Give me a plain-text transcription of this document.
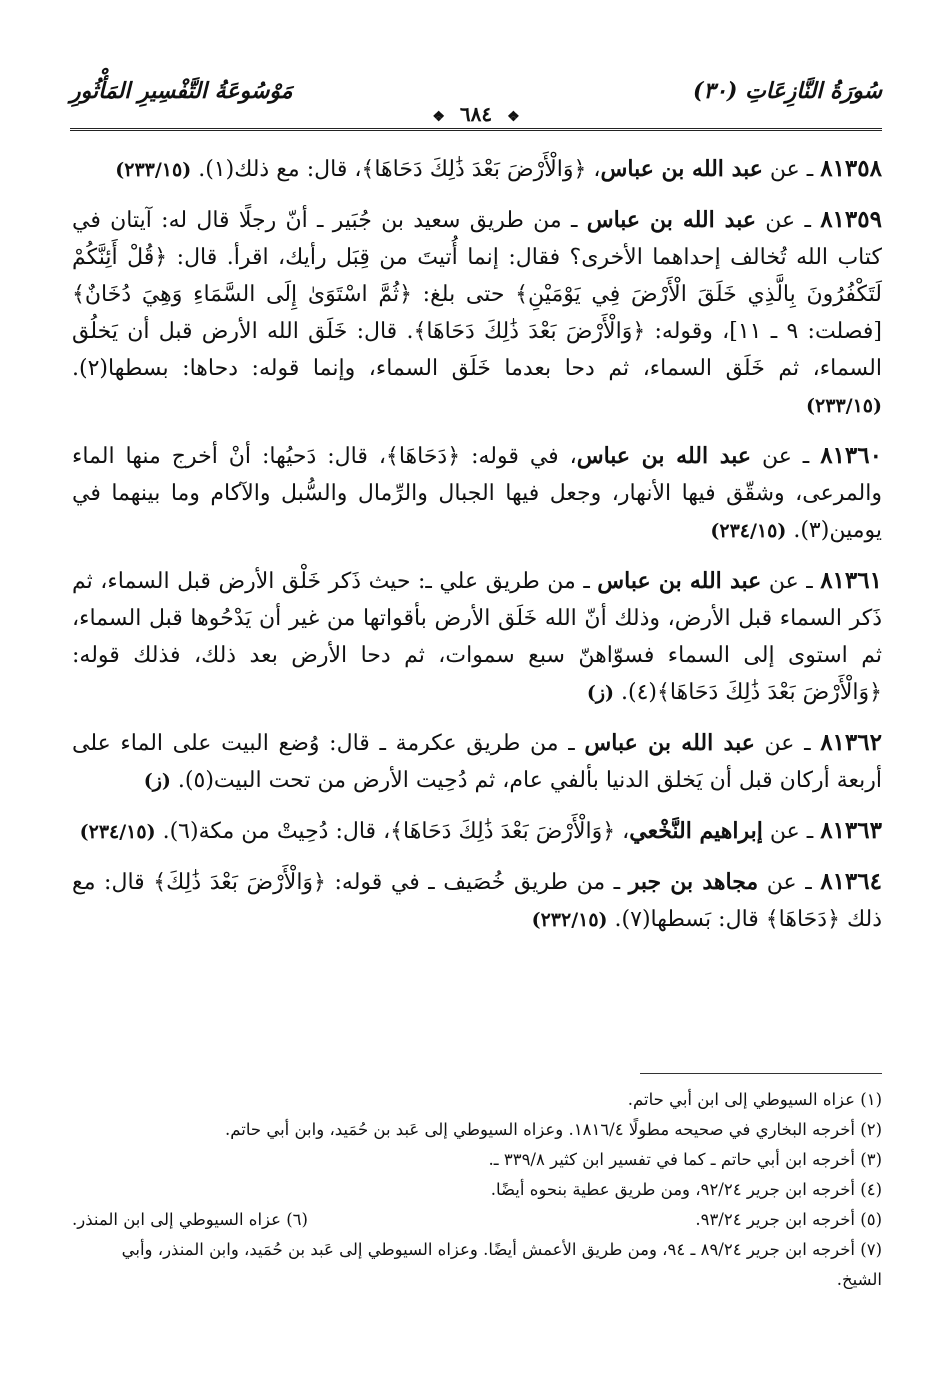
سُورَةُ النَّازِعَاتِ (٣٠)
مَوْسُوعَةُ التَّفْسِيرِ المَأْثُورِ
❖ ٦٨٤ ❖

٨١٣٥٨ ـ عن عبد الله بن عباس، ﴿وَالْأَرْضَ بَعْدَ ذَٰلِكَ دَحَاهَا﴾، قال: مع ذلك(١). (٢٣٣/١٥)

٨١٣٥٩ ـ عن عبد الله بن عباس ـ من طريق سعيد بن جُبَير ـ أنّ رجلًا قال له: آيتان في كتاب الله تُخالف إحداهما الأخرى؟ فقال: إنما أُتيتَ من قِبَل رأيك، اقرأ. قال: ﴿قُلْ أَئِنَّكُمْ لَتَكْفُرُونَ بِالَّذِي خَلَقَ الْأَرْضَ فِي يَوْمَيْنِ﴾ حتى بلغ: ﴿ثُمَّ اسْتَوَىٰ إِلَى السَّمَاءِ وَهِيَ دُخَانٌ﴾ [فصلت: ٩ ـ ١١]، وقوله: ﴿وَالْأَرْضَ بَعْدَ ذَٰلِكَ دَحَاهَا﴾. قال: خَلَق الله الأرض قبل أن يَخلُق السماء، ثم خَلَق السماء، ثم دحا بعدما خَلَق السماء، وإنما قوله: دحاها: بسطها(٢). (٢٣٣/١٥)

٨١٣٦٠ ـ عن عبد الله بن عباس، في قوله: ﴿دَحَاهَا﴾، قال: دَحيُها: أنْ أخرج منها الماء والمرعى، وشقّق فيها الأنهار، وجعل فيها الجبال والرِّمال والسُّبل والآكام وما بينهما في يومين(٣). (٢٣٤/١٥)

٨١٣٦١ ـ عن عبد الله بن عباس ـ من طريق علي ـ: حيث ذَكر خَلْق الأرض قبل السماء، ثم ذَكر السماء قبل الأرض، وذلك أنّ الله خَلَق الأرض بأقواتها من غير أن يَدْحُوها قبل السماء، ثم استوى إلى السماء فسوّاهنّ سبع سموات، ثم دحا الأرض بعد ذلك، فذلك قوله: ﴿وَالْأَرْضَ بَعْدَ ذَٰلِكَ دَحَاهَا﴾(٤). (ز)

٨١٣٦٢ ـ عن عبد الله بن عباس ـ من طريق عكرمة ـ قال: وُضع البيت على الماء على أربعة أركان قبل أن يَخلق الدنيا بألفي عام، ثم دُحِيت الأرض من تحت البيت(٥). (ز)

٨١٣٦٣ ـ عن إبراهيم النَّخْعي، ﴿وَالْأَرْضَ بَعْدَ ذَٰلِكَ دَحَاهَا﴾، قال: دُحِيتْ من مكة(٦). (٢٣٤/١٥)

٨١٣٦٤ ـ عن مجاهد بن جبر ـ من طريق خُصَيف ـ في قوله: ﴿وَالْأَرْضَ بَعْدَ ذَٰلِكَ﴾ قال: مع ذلك ﴿دَحَاهَا﴾ قال: بَسطها(٧). (٢٣٢/١٥)

(١) عزاه السيوطي إلى ابن أبي حاتم.

(٢) أخرجه البخاري في صحيحه مطولًا ١٨١٦/٤. وعزاه السيوطي إلى عَبد بن حُمَيد، وابن أبي حاتم.

(٣) أخرجه ابن أبي حاتم ـ كما في تفسير ابن كثير ٣٣٩/٨ ـ.

(٤) أخرجه ابن جرير ٩٢/٢٤، ومن طريق عطية بنحوه أيضًا.

(٥) أخرجه ابن جرير ٩٣/٢٤.

(٦) عزاه السيوطي إلى ابن المنذر.

(٧) أخرجه ابن جرير ٨٩/٢٤ ـ ٩٤، ومن طريق الأعمش أيضًا. وعزاه السيوطي إلى عَبد بن حُمَيد، وابن المنذر، وأبي الشيخ.
